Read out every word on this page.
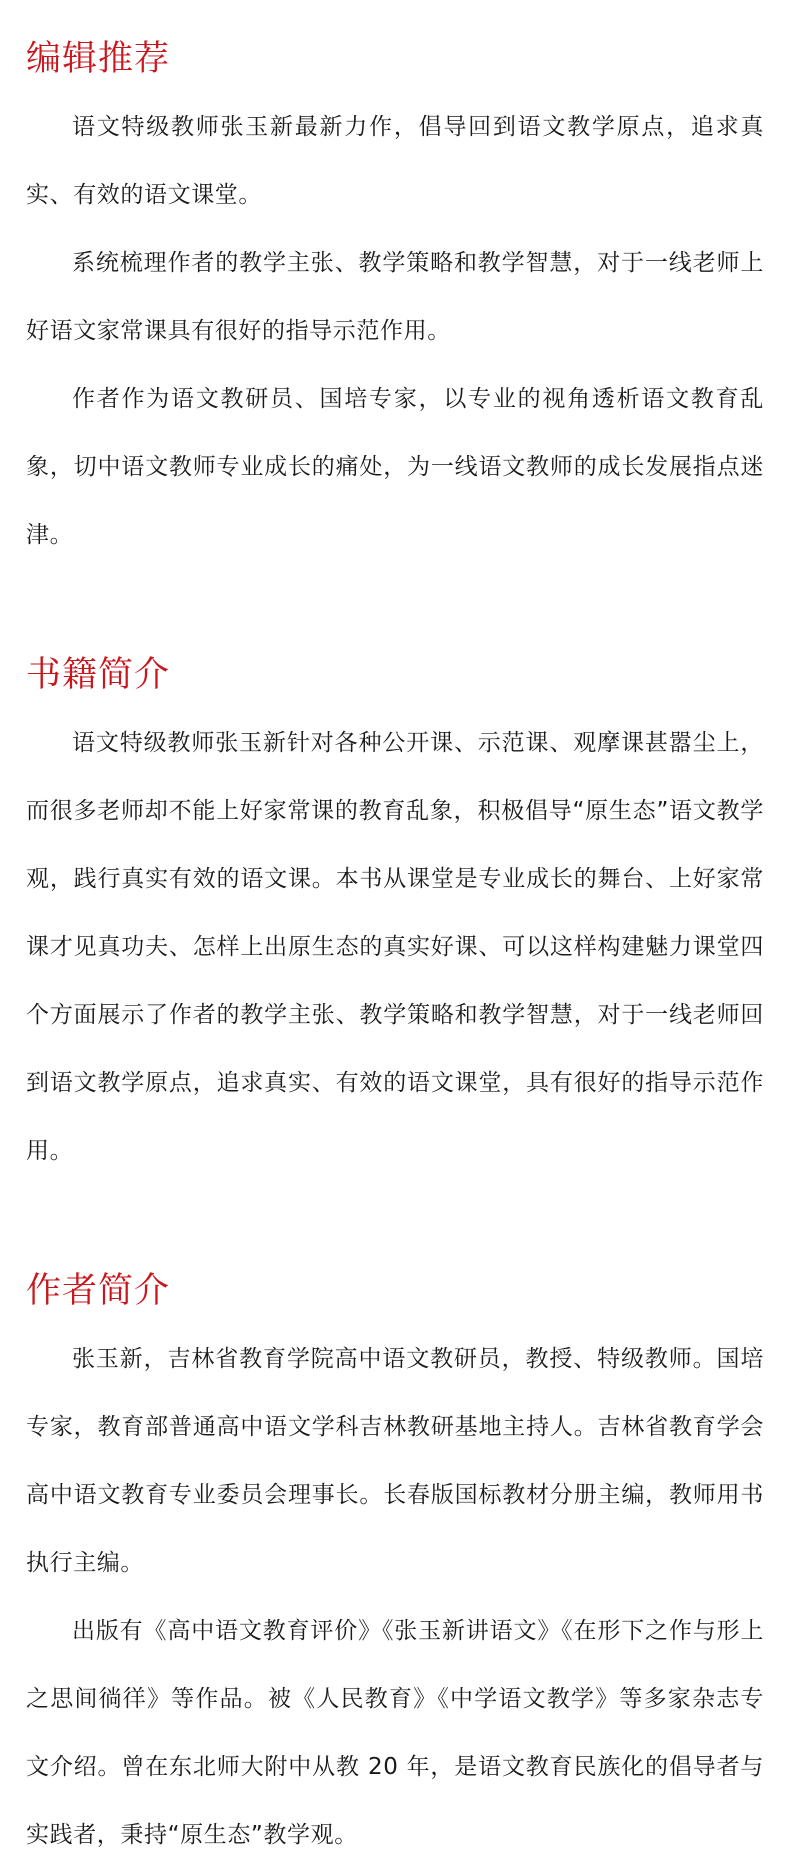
编辑推荐

语文特级教师张玉新最新力作，倡导回到语文教学原点，追求真实、有效的语文课堂。

系统梳理作者的教学主张、教学策略和教学智慧，对于一线老师上好语文家常课具有很好的指导示范作用。

作者作为语文教研员、国培专家，以专业的视角透析语文教育乱象，切中语文教师专业成长的痛处，为一线语文教师的成长发展指点迷津。

书籍简介

语文特级教师张玉新针对各种公开课、示范课、观摩课甚嚣尘上，而很多老师却不能上好家常课的教育乱象，积极倡导“原生态”语文教学观，践行真实有效的语文课。本书从课堂是专业成长的舞台、上好家常课才见真功夫、怎样上出原生态的真实好课、可以这样构建魅力课堂四个方面展示了作者的教学主张、教学策略和教学智慧，对于一线老师回到语文教学原点，追求真实、有效的语文课堂，具有很好的指导示范作用。

作者简介

张玉新，吉林省教育学院高中语文教研员，教授、特级教师。国培专家，教育部普通高中语文学科吉林教研基地主持人。吉林省教育学会高中语文教育专业委员会理事长。长春版国标教材分册主编，教师用书执行主编。

出版有《高中语文教育评价》《张玉新讲语文》《在形下之作与形上之思间徜徉》等作品。被《人民教育》《中学语文教学》等多家杂志专文介绍。曾在东北师大附中从教 20 年，是语文教育民族化的倡导者与实践者，秉持“原生态”教学观。
